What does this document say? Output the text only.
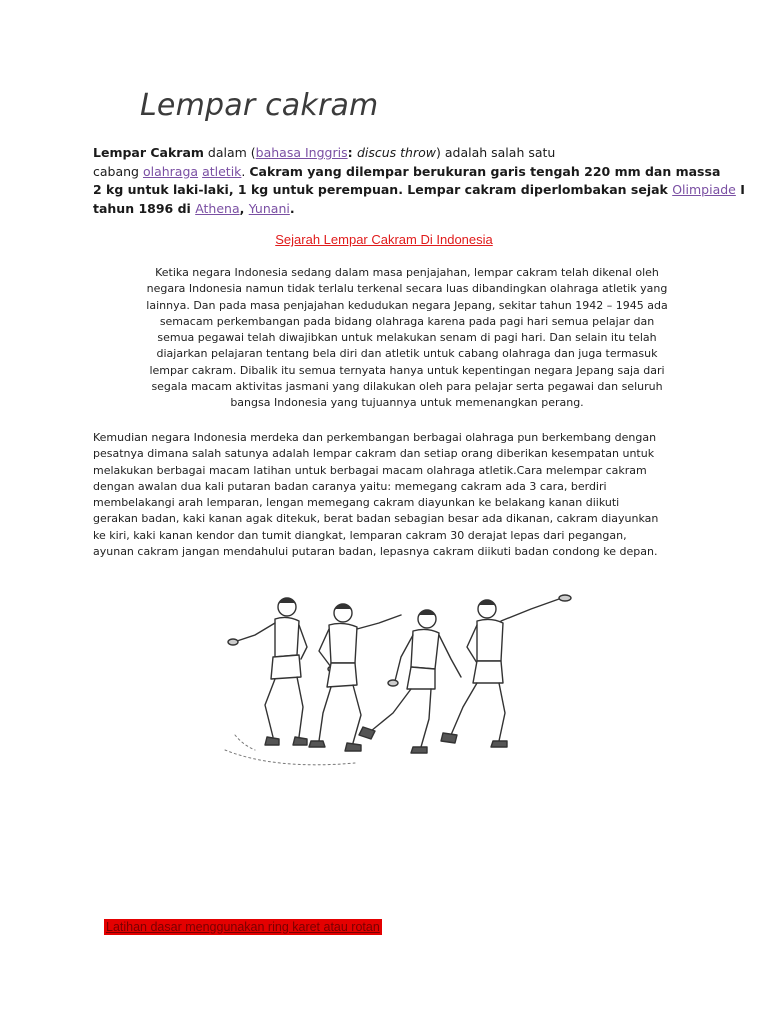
Lempar cakram
Lempar Cakram dalam (bahasa Inggris: discus throw) adalah salah satu
cabang olahraga atletik. Cakram yang dilempar berukuran garis tengah 220 mm dan massa
2 kg untuk laki-laki, 1 kg untuk perempuan. Lempar cakram diperlombakan sejak Olimpiade I
tahun 1896 di Athena, Yunani.
Sejarah Lempar Cakram Di Indonesia
Ketika negara Indonesia sedang dalam masa penjajahan, lempar cakram telah dikenal oleh
negara Indonesia namun tidak terlalu terkenal secara luas dibandingkan olahraga atletik yang
lainnya. Dan pada masa penjajahan kedudukan negara Jepang, sekitar tahun 1942 – 1945 ada
semacam perkembangan pada bidang olahraga karena pada pagi hari semua pelajar dan
semua pegawai telah diwajibkan untuk melakukan senam di pagi hari. Dan selain itu telah
diajarkan pelajaran tentang bela diri dan atletik untuk cabang olahraga dan juga termasuk
lempar cakram. Dibalik itu semua ternyata hanya untuk kepentingan negara Jepang saja dari
segala macam aktivitas jasmani yang dilakukan oleh para pelajar serta pegawai dan seluruh
bangsa Indonesia yang tujuannya untuk memenangkan perang.
Kemudian negara Indonesia merdeka dan perkembangan berbagai olahraga pun berkembang dengan
pesatnya dimana salah satunya adalah lempar cakram dan setiap orang diberikan kesempatan untuk
melakukan berbagai macam latihan untuk berbagai macam olahraga atletik.Cara melempar cakram
dengan awalan dua kali putaran badan caranya yaitu: memegang cakram ada 3 cara, berdiri
membelakangi arah lemparan, lengan memegang cakram diayunkan ke belakang kanan diikuti
gerakan badan, kaki kanan agak ditekuk, berat badan sebagian besar ada dikanan, cakram diayunkan
ke kiri, kaki kanan kendor dan tumit diangkat, lemparan cakram 30 derajat lepas dari pegangan,
ayunan cakram jangan mendahului putaran badan, lepasnya cakram diikuti badan condong ke depan.
Latihan dasar menggunakan ring karet atau rotan
